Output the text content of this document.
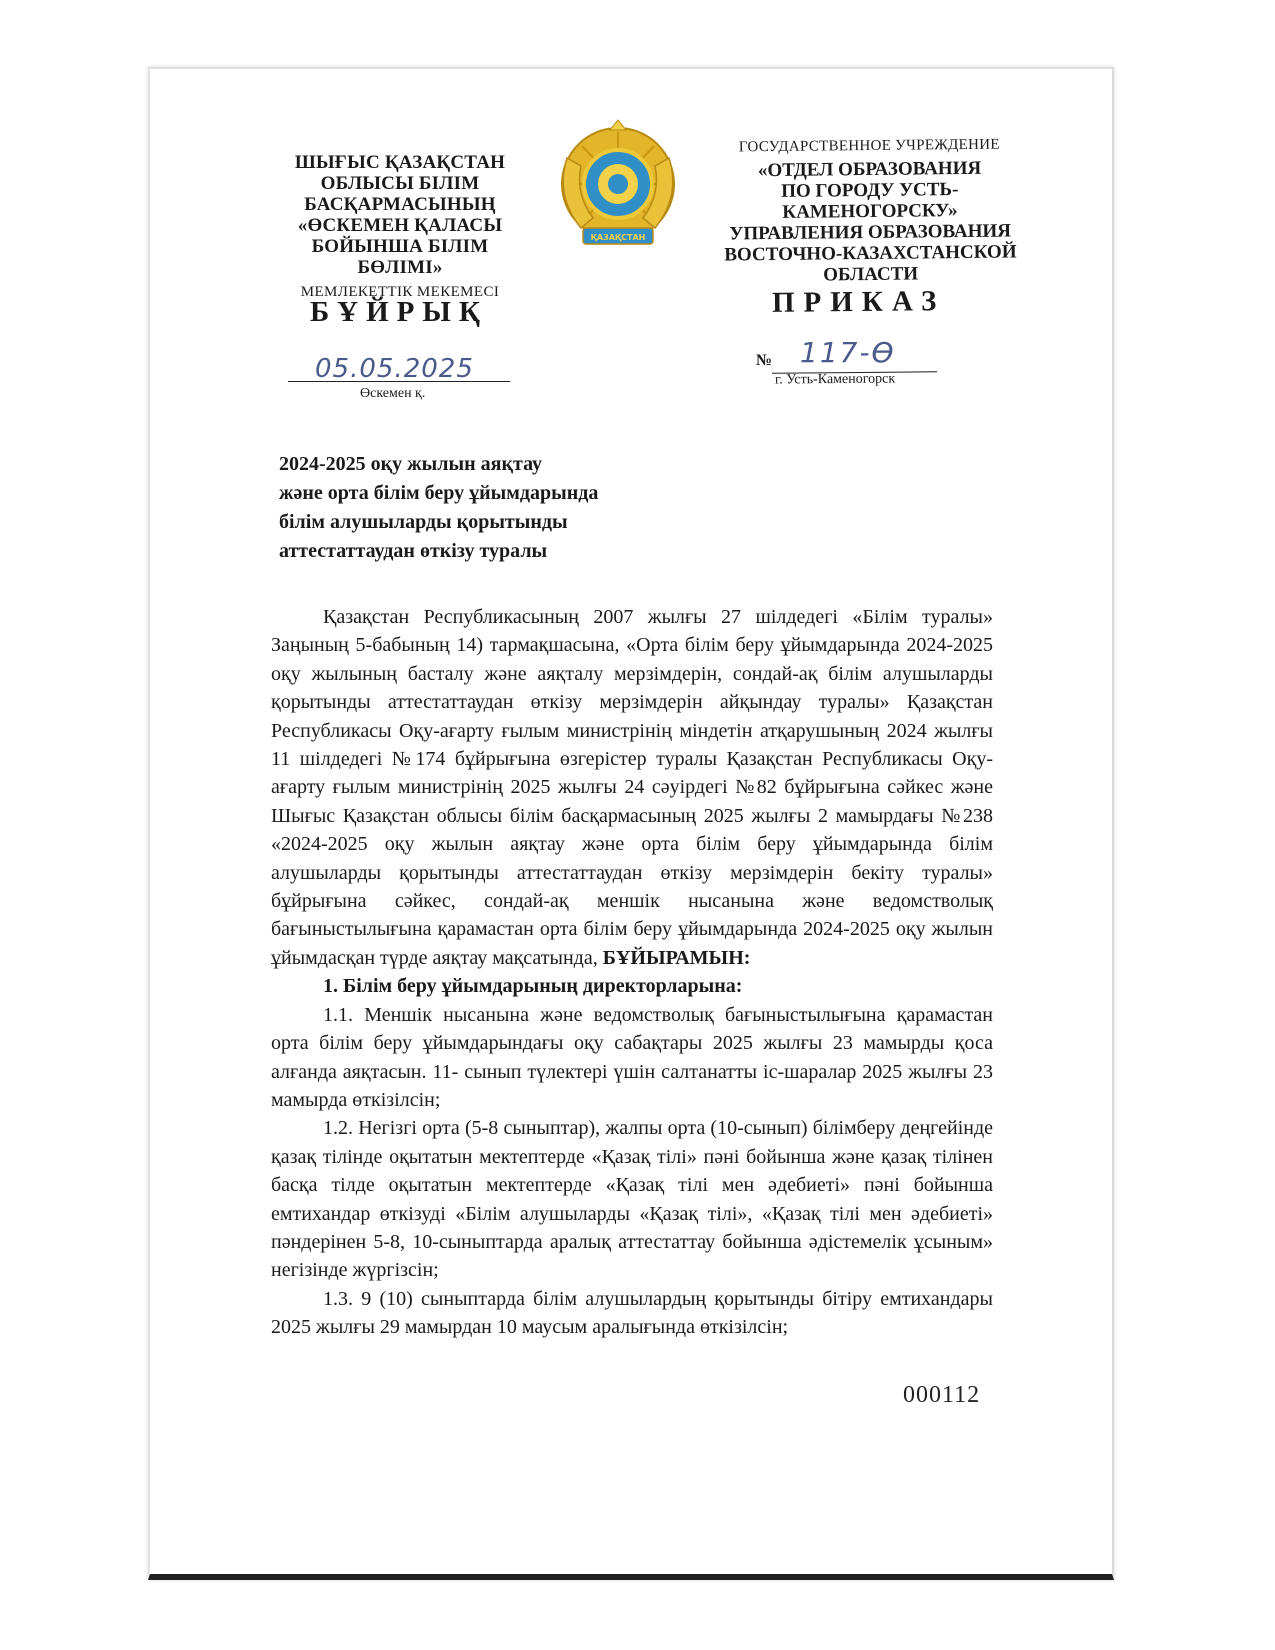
ШЫҒЫС ҚАЗАҚСТАН
ОБЛЫСЫ БІЛІМ БАСҚАРМАСЫНЫҢ
«ӨСКЕМЕН ҚАЛАСЫ
БОЙЫНША БІЛІМ
БӨЛІМІ»
МЕМЛЕКЕТТІК МЕКЕМЕСІ
ҚАЗАҚСТАН
ГОСУДАРСТВЕННОЕ УЧРЕЖДЕНИЕ
«ОТДЕЛ ОБРАЗОВАНИЯ
ПО ГОРОДУ УСТЬ-КАМЕНОГОРСКУ»
УПРАВЛЕНИЯ ОБРАЗОВАНИЯ
ВОСТОЧНО-КАЗАХСТАНСКОЙ
ОБЛАСТИ
БҰЙРЫҚ	ПРИКАЗ
05.05.2025
Өскемен қ.
№ 117-Ө
г. Усть-Каменогорск
2024-2025 оқу жылын аяқтау
және орта білім беру ұйымдарында
білім алушыларды қорытынды
аттестаттаудан өткізу туралы

Қазақстан Республикасының 2007 жылғы 27 шілдедегі «Білім туралы» Заңының 5-бабының 14) тармақшасына, «Орта білім беру ұйымдарында 2024-2025 оқу жылының басталу және аяқталу мерзімдерін, сондай-ақ білім алушыларды қорытынды аттестаттаудан өткізу мерзімдерін айқындау туралы» Қазақстан Республикасы Оқу-ағарту ғылым министрінің міндетін атқарушының 2024 жылғы 11 шілдедегі №174 бұйрығына өзгерістер туралы Қазақстан Республикасы Оқу-ағарту ғылым министрінің 2025 жылғы 24 сәуірдегі №82 бұйрығына сәйкес және Шығыс Қазақстан облысы білім басқармасының 2025 жылғы 2 мамырдағы №238 «2024-2025 оқу жылын аяқтау және орта білім беру ұйымдарында білім алушыларды қорытынды аттестаттаудан өткізу мерзімдерін бекіту туралы» бұйрығына сәйкес, сондай-ақ меншік нысанына және ведомстволық бағыныстылығына қарамастан орта білім беру ұйымдарында 2024-2025 оқу жылын ұйымдасқан түрде аяқтау мақсатында, БҰЙЫРАМЫН:

1. Білім беру ұйымдарының директорларына:

1.1. Меншік нысанына және ведомстволық бағыныстылығына қарамастан орта білім беру ұйымдарындағы оқу сабақтары 2025 жылғы 23 мамырды қоса алғанда аяқтасын. 11- сынып түлектері үшін салтанатты іс-шаралар 2025 жылғы 23 мамырда өткізілсін;

1.2. Негізгі орта (5-8 сыныптар), жалпы орта (10-сынып) білімберу деңгейінде қазақ тілінде оқытатын мектептерде «Қазақ тілі» пәні бойынша және қазақ тілінен басқа тілде оқытатын мектептерде «Қазақ тілі мен әдебиеті» пәні бойынша емтихандар өткізуді «Білім алушыларды «Қазақ тілі», «Қазақ тілі мен әдебиеті» пәндерінен 5-8, 10-сыныптарда аралық аттестаттау бойынша әдістемелік ұсыным» негізінде жүргізсін;

1.3. 9 (10) сыныптарда білім алушылардың қорытынды бітіру емтихандары 2025 жылғы 29 мамырдан 10 маусым аралығында өткізілсін;

000112
